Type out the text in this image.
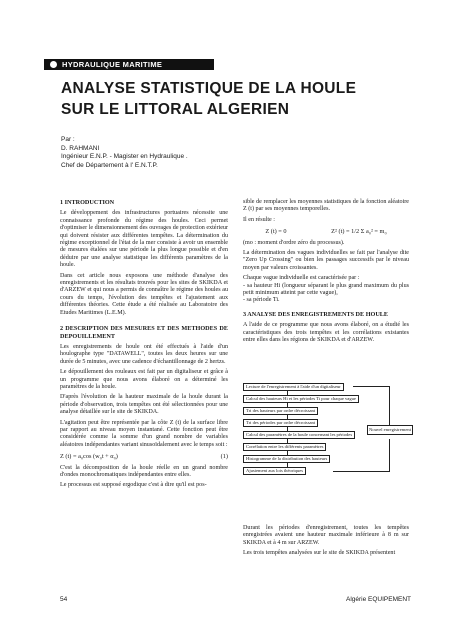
HYDRAULIQUE MARITIME
ANALYSE STATISTIQUE DE LA HOULE
SUR LE LITTORAL ALGERIEN
Par :
D. RAHMANI
Ingénieur E.N.P. - Magister en Hydraulique .
Chef de Département à l' E.N.T.P.
1 INTRODUCTION

Le développement des infrastructures portuaires nécessite une connaissance profonde du régime des houles. Ceci permet d'optimiser le dimensionnement des ouvrages de protection extérieur qui doivent résister aux différentes tempêtes. La détermination du régime exceptionnel de l'état de la mer consiste à avoir un ensemble de mesures étalées sur une période la plus longue possible et d'en déduire par une analyse statistique les différents paramètres de la houle.

Dans cet article nous exposons une méthode d'analyse des enregistrements et les résultats trouvés pour les sites de SKIKDA et d'ARZEW et qui nous a permis de connaître le régime des houles au cours du temps, l'évolution des tempêtes et l'ajustement aux différentes théories. Cette étude a été réalisée au Laboratoire des Etudes Maritimes (L.E.M).

2 DESCRIPTION DES MESURES ET DES METHODES DE DEPOUILLEMENT

Les enregistrements de houle ont été effectués à l'aide d'un houlographe type "DATAWELL", toutes les deux heures sur une durée de 5 minutes, avec une cadence d'échantillonnage de 2 hertzs.

Le dépouillement des rouleaux est fait par un digitaliseur et grâce à un programme que nous avons élaboré on a déterminé les paramètres de la houle.

D'après l'évolution de la hauteur maximale de la houle durant la période d'observation, trois tempêtes ont été sélectionnées pour une analyse détaillée sur le site de SKIKDA.

L'agitation peut être représentée par la côte Z (t) de la surface libre par rapport au niveau moyen instantané. Cette fonction peut être considérée comme la somme d'un grand nombre de variables aléatoires indépendantes variant sinusoïdalement avec le temps soit :

Z (t) = a₀cos (w₀t + α₀)	(1)

C'est la décomposition de la houle réelle en un grand nombre d'ondes monochromatiques indépendantes entre elles.

Le processus est supposé ergodique c'est à dire qu'il est pos-

sible de remplacer les moyennes statistiques de la fonction aléatoire Z (t) par ses moyennes temporelles.

Il en résulte :

Z (t) = 0	Z² (t) = 1/2 Σ a₀² = m₀

(mo : moment d'ordre zéro du processus).

La détermination des vagues individuelles se fait par l'analyse dite "Zero Up Crossing" ou bien les passages successifs par le niveau moyen par valeurs croissantes.

Chaque vague individuelle est caractérisée par :

- sa hauteur Hi (longueur séparant le plus grand maximum du plus petit minimum atteint par cette vague),

- sa période Ti.

3 ANALYSE DES ENREGISTREMENTS DE HOULE

A l'aide de ce programme que nous avons élaboré, on a étudié les caractéristiques des trois tempêtes et les corrélations existantes entre elles dans les régions de SKIKDA et d'ARZEW.

Lecture de l'enregistrement à l'aide d'un digitaliseur
Calcul des hauteurs Hi et les périodes Ti pour chaque vague
Tri des hauteurs par ordre décroissant
Tri des périodes par ordre décroissant
Calcul des paramètres de la houle concernant les périodes
Corrélation entre les différents paramètres
Histogramme de la distribution des hauteurs
Ajustement aux lois théoriques
Nouvel enregistrement

Durant les périodes d'enregistrement, toutes les tempêtes enregistrées avaient une hauteur maximale inférieure à 8 m sur SKIKDA et à 4 m sur ARZEW.

Les trois tempêtes analysées sur le site de SKIKDA présentent

54	Algérie EQUIPEMENT
